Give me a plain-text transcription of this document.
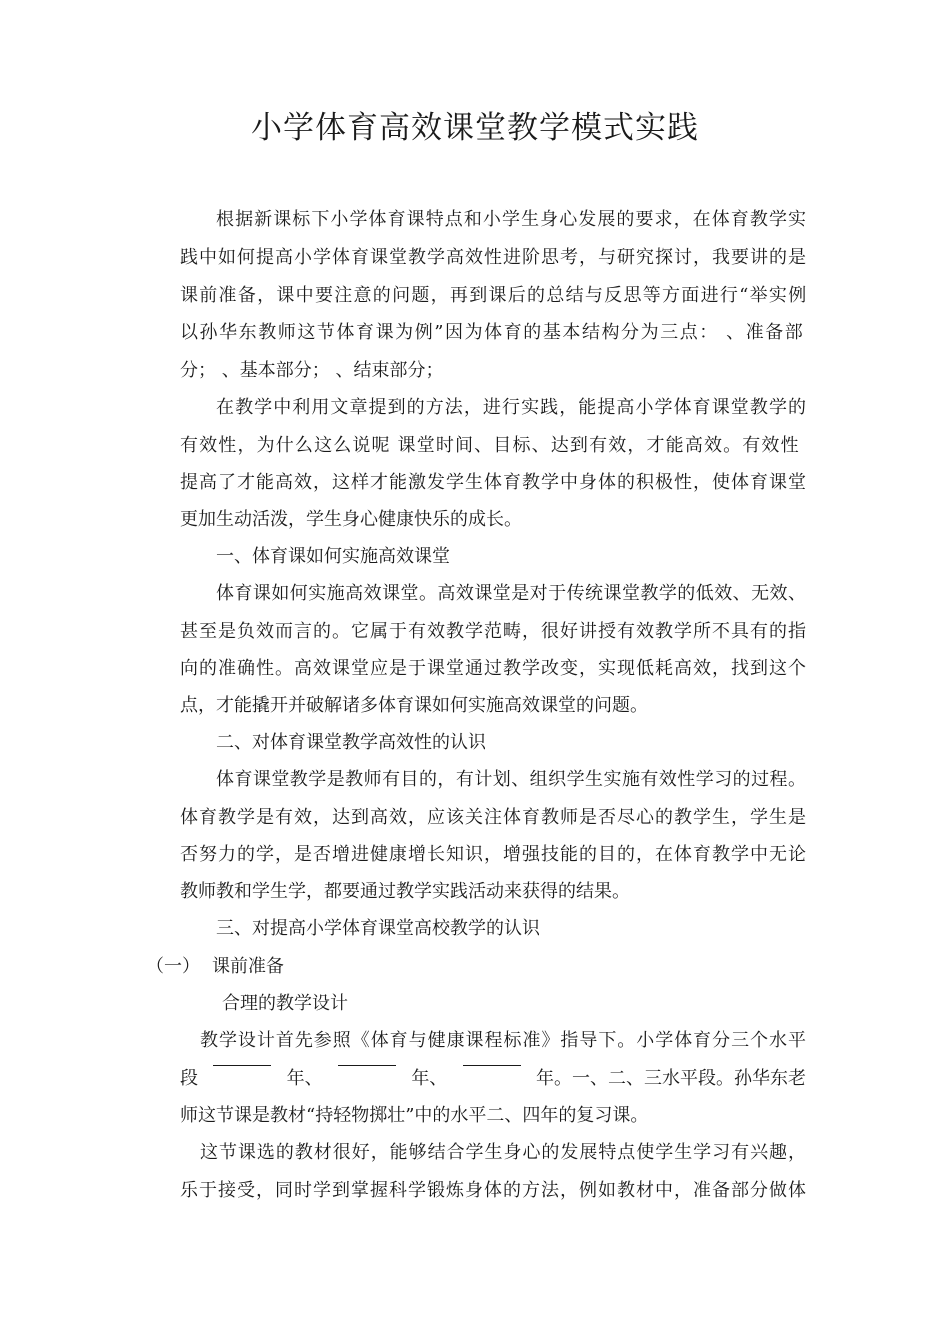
小学体育高效课堂教学模式实践
根据新课标下小学体育课特点和小学生身心发展的要求，在体育教学实
践中如何提高小学体育课堂教学高效性进阶思考，与研究探讨，我要讲的是
课前准备，课中要注意的问题，再到课后的总结与反思等方面进行“举实例
以孙华东教师这节体育课为例”因为体育的基本结构分为三点： 、准备部
分； 、基本部分； 、结束部分；
在教学中利用文章提到的方法，进行实践，能提高小学体育课堂教学的
有效性，为什么这么说呢 课堂时间、目标、达到有效，才能高效。有效性
提高了才能高效，这样才能激发学生体育教学中身体的积极性，使体育课堂
更加生动活泼，学生身心健康快乐的成长。
一、体育课如何实施高效课堂
体育课如何实施高效课堂。高效课堂是对于传统课堂教学的低效、无效、
甚至是负效而言的。它属于有效教学范畴，很好讲授有效教学所不具有的指
向的准确性。高效课堂应是于课堂通过教学改变，实现低耗高效，找到这个
点，才能撬开并破解诸多体育课如何实施高效课堂的问题。
二、对体育课堂教学高效性的认识
体育课堂教学是教师有目的，有计划、组织学生实施有效性学习的过程。
体育教学是有效，达到高效，应该关注体育教师是否尽心的教学生，学生是
否努力的学，是否增进健康增长知识，增强技能的目的，在体育教学中无论
教师教和学生学，都要通过教学实践活动来获得的结果。
三、对提高小学体育课堂高校教学的认识
（一） 课前准备
合理的教学设计
教学设计首先参照《体育与健康课程标准》指导下。小学体育分三个水平
段	年、	年、	年。一、二、三水平段。孙华东老
师这节课是教材“持轻物掷壮”中的水平二、四年的复习课。
这节课选的教材很好，能够结合学生身心的发展特点使学生学习有兴趣，
乐于接受，同时学到掌握科学锻炼身体的方法，例如教材中，准备部分做体
